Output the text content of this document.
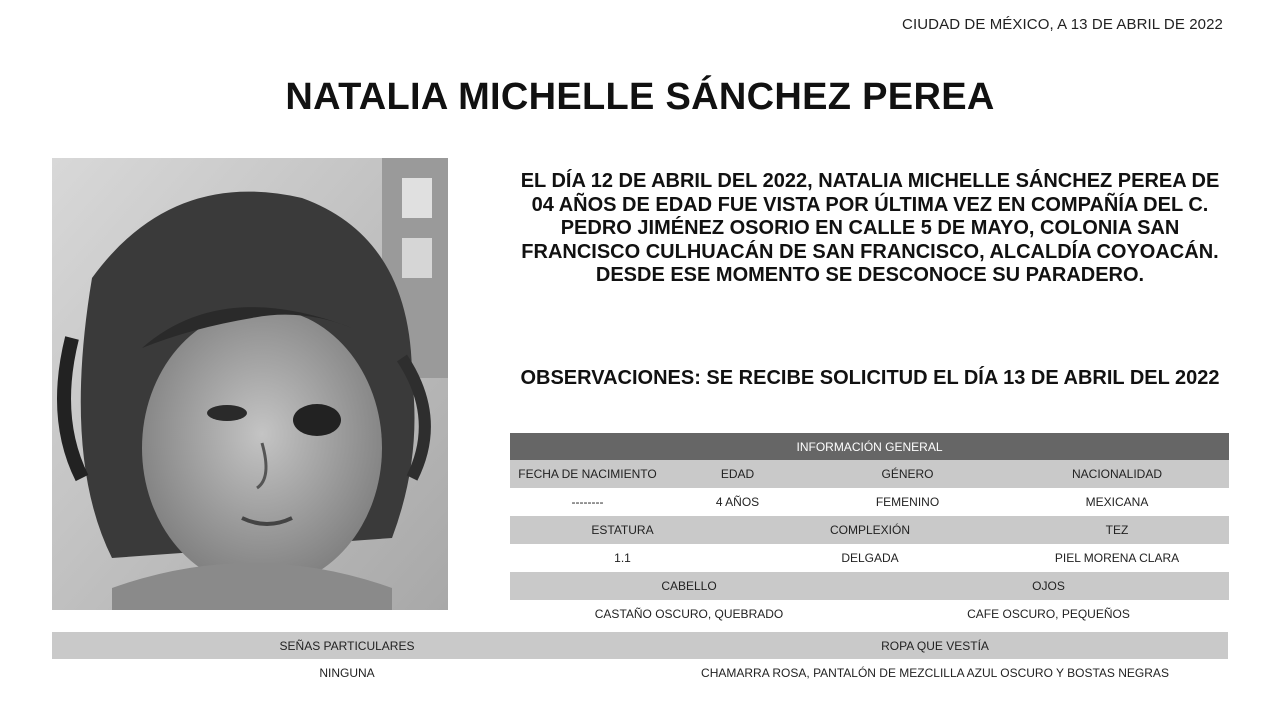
CIUDAD DE MÉXICO, A 13 DE ABRIL DE 2022
NATALIA MICHELLE SÁNCHEZ PEREA

EL DÍA 12 DE ABRIL DEL 2022, NATALIA MICHELLE SÁNCHEZ PEREA DE 04 AÑOS DE EDAD FUE VISTA POR ÚLTIMA VEZ EN COMPAÑÍA DEL C. PEDRO JIMÉNEZ OSORIO EN CALLE 5 DE MAYO, COLONIA SAN FRANCISCO CULHUACÁN DE SAN FRANCISCO, ALCALDÍA COYOACÁN. DESDE ESE MOMENTO SE DESCONOCE SU PARADERO.

OBSERVACIONES: SE RECIBE SOLICITUD EL DÍA 13 DE ABRIL DEL 2022

INFORMACIÓN GENERAL
FECHA DE NACIMIENTO	EDAD	GÉNERO	NACIONALIDAD
--------	4 AÑOS	FEMENINO	MEXICANA
ESTATURA	COMPLEXIÓN	TEZ
1.1	DELGADA	PIEL MORENA CLARA
CABELLO	OJOS
CASTAÑO OSCURO, QUEBRADO	CAFE OSCURO, PEQUEÑOS
SEÑAS PARTICULARES	ROPA QUE VESTÍA
NINGUNA	CHAMARRA ROSA, PANTALÓN DE MEZCLILLA AZUL OSCURO Y BOSTAS NEGRAS
